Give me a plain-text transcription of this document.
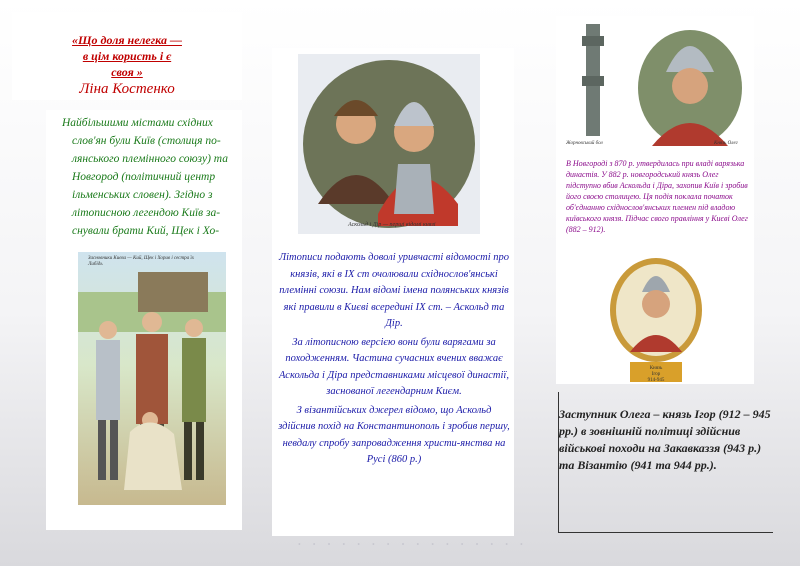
«Що доля нелегка —
в цім користь і є
своя »
Ліна Костенко
Найбільшими містами східних
слов'ян були Київ (столиця по-лянського племінного союзу) та Новгород (політичний центр ільменських словен). Згідно з літописною легендою Київ за-снували брати Кий, Щек і Хо-
Засновники Києва — Кий, Щек і Хорив і сестра їх Либідь
Аскольд і Дір — перші відомі князі

Літописи подають доволі уривчасті відомості про князів, які в IX ст очолювали східнослов'янські племінні союзи. Нам відомі імена полянських князів які правили в Києві всередині IX ст. – Аскольд та Дір.

За літописною версією вони були варягами за походженням. Частина сучасних вчених вважає Аскольда і Діра представниками місцевої династії, заснованої легендарним Києм.

З візантійських джерел відомо, що Аскольд здійснив похід на Константинополь і зробив першу, невдалу спробу запровадження христи-янства на Русі (860 р.)

Жорновський бол	Князь Олег
В Новгороді з 870 р. утвердилась при владі варязька династія. У 882 р. новгородський князь Олег підступно вбив Аскольда і Діра, захопив Київ і зробив його своєю столицею. Ця подія поклала початок об'єднанню східнослов'янських племен під владою київського князя. Підчас свого правління у Києві Олег (882 – 912).
Князь
Ігор
914-945
Заступник Олега – князь Ігор (912 – 945 рр.) в зовнішній політиці здійснив військові походи на Закавказзя (943 р.) та Візантію (941 та 944 рр.).
• • • • • • • • • • • • • • • •
